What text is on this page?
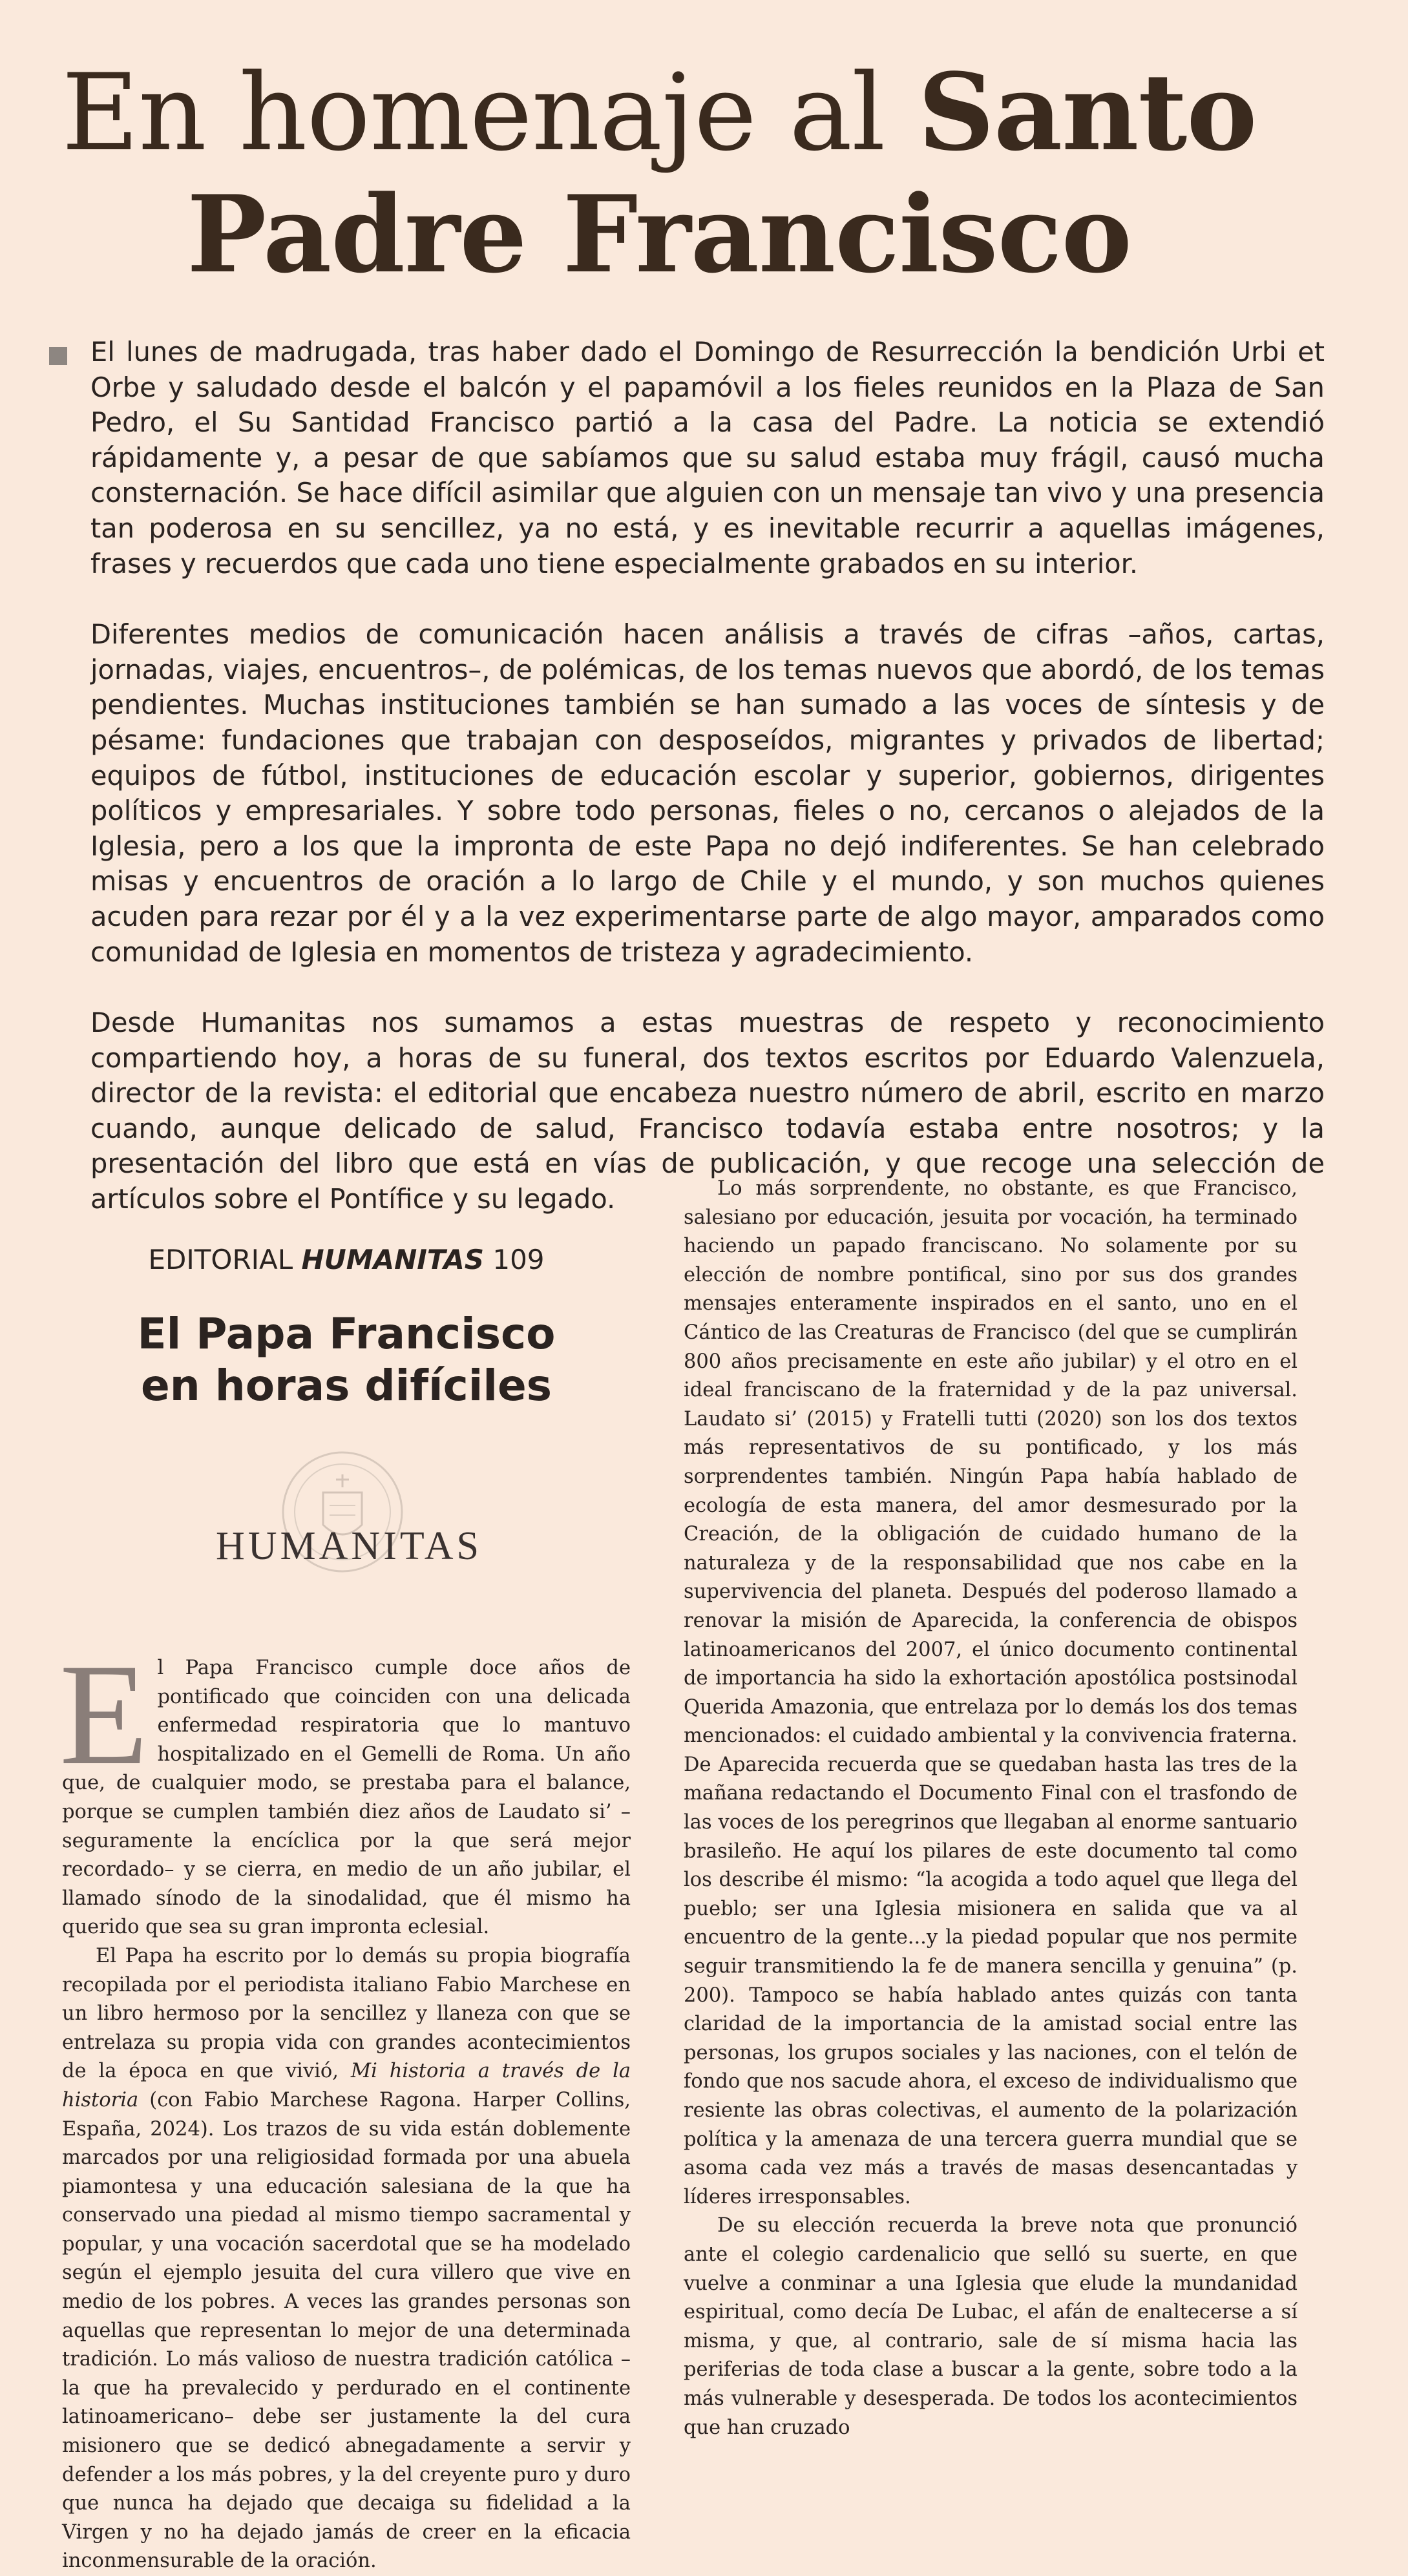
En homenaje al Santo
Padre Francisco

El lunes de madrugada, tras haber dado el Domingo de Resurrección la bendición Urbi et Orbe y saludado desde el balcón y el papamóvil a los fieles reunidos en la Plaza de San Pedro, el Su Santidad Francisco partió a la casa del Padre. La noticia se extendió rápidamente y, a pesar de que sabíamos que su salud estaba muy frágil, causó mucha consternación. Se hace difícil asimilar que alguien con un mensaje tan vivo y una presencia tan poderosa en su sencillez, ya no está, y es inevitable recurrir a aquellas imágenes, frases y recuerdos que cada uno tiene especialmente grabados en su interior.

Diferentes medios de comunicación hacen análisis a través de cifras –años, cartas, jornadas, viajes, encuentros–, de polémicas, de los temas nuevos que abordó, de los temas pendientes. Muchas instituciones también se han sumado a las voces de síntesis y de pésame: fundaciones que trabajan con desposeídos, migrantes y privados de libertad; equipos de fútbol, instituciones de educación escolar y superior, gobiernos, dirigentes políticos y empresariales. Y sobre todo personas, fieles o no, cercanos o alejados de la Iglesia, pero a los que la impronta de este Papa no dejó indiferentes. Se han celebrado misas y encuentros de oración a lo largo de Chile y el mundo, y son muchos quienes acuden para rezar por él y a la vez experimentarse parte de algo mayor, amparados como comunidad de Iglesia en momentos de tristeza y agradecimiento.

Desde Humanitas nos sumamos a estas muestras de respeto y reconocimiento compartiendo hoy, a horas de su funeral, dos textos escritos por Eduardo Valenzuela, director de la revista: el editorial que encabeza nuestro número de abril, escrito en marzo cuando, aunque delicado de salud, Francisco todavía estaba entre nosotros; y la presentación del libro que está en vías de publicación, y que recoge una selección de artículos sobre el Pontífice y su legado.

EDITORIAL HUMANITAS 109
El Papa Francisco
en horas difíciles
HUMANITAS

El Papa Francisco cumple doce años de pontificado que coinciden con una delicada enfermedad respiratoria que lo mantuvo hospitalizado en el Gemelli de Roma. Un año que, de cualquier modo, se prestaba para el balance, porque se cumplen también diez años de Laudato si’ –seguramente la encíclica por la que será mejor recordado– y se cierra, en medio de un año jubilar, el llamado sínodo de la sinodalidad, que él mismo ha querido que sea su gran impronta eclesial.

El Papa ha escrito por lo demás su propia biografía recopilada por el periodista italiano Fabio Marchese en un libro hermoso por la sencillez y llaneza con que se entrelaza su propia vida con grandes acontecimientos de la época en que vivió, Mi historia a través de la historia (con Fabio Marchese Ragona. Harper Collins, España, 2024). Los trazos de su vida están doblemente marcados por una religiosidad formada por una abuela piamontesa y una educación salesiana de la que ha conservado una piedad al mismo tiempo sacramental y popular, y una vocación sacerdotal que se ha modelado según el ejemplo jesuita del cura villero que vive en medio de los pobres. A veces las grandes personas son aquellas que representan lo mejor de una determinada tradición. Lo más valioso de nuestra tradición católica –la que ha prevalecido y perdurado en el continente latinoamericano– debe ser justamente la del cura misionero que se dedicó abnegadamente a servir y defender a los más pobres, y la del creyente puro y duro que nunca ha dejado que decaiga su fidelidad a la Virgen y no ha dejado jamás de creer en la eficacia inconmensurable de la oración.

Lo más sorprendente, no obstante, es que Francisco, salesiano por educación, jesuita por vocación, ha terminado haciendo un papado franciscano. No solamente por su elección de nombre pontifical, sino por sus dos grandes mensajes enteramente inspirados en el santo, uno en el Cántico de las Creaturas de Francisco (del que se cumplirán 800 años precisamente en este año jubilar) y el otro en el ideal franciscano de la fraternidad y de la paz universal. Laudato si’ (2015) y Fratelli tutti (2020) son los dos textos más representativos de su pontificado, y los más sorprendentes también. Ningún Papa había hablado de ecología de esta manera, del amor desmesurado por la Creación, de la obligación de cuidado humano de la naturaleza y de la responsabilidad que nos cabe en la supervivencia del planeta. Después del poderoso llamado a renovar la misión de Aparecida, la conferencia de obispos latinoamericanos del 2007, el único documento continental de importancia ha sido la exhortación apostólica postsinodal Querida Amazonia, que entrelaza por lo demás los dos temas mencionados: el cuidado ambiental y la convivencia fraterna. De Aparecida recuerda que se quedaban hasta las tres de la mañana redactando el Documento Final con el trasfondo de las voces de los peregrinos que llegaban al enorme santuario brasileño. He aquí los pilares de este documento tal como los describe él mismo: “la acogida a todo aquel que llega del pueblo; ser una Iglesia misionera en salida que va al encuentro de la gente...y la piedad popular que nos permite seguir transmitiendo la fe de manera sencilla y genuina” (p. 200). Tampoco se había hablado antes quizás con tanta claridad de la importancia de la amistad social entre las personas, los grupos sociales y las naciones, con el telón de fondo que nos sacude ahora, el exceso de individualismo que resiente las obras colectivas, el aumento de la polarización política y la amenaza de una tercera guerra mundial que se asoma cada vez más a través de masas desencantadas y líderes irresponsables.

De su elección recuerda la breve nota que pronunció ante el colegio cardenalicio que selló su suerte, en que vuelve a conminar a una Iglesia que elude la mundanidad espiritual, como decía De Lubac, el afán de enaltecerse a sí misma, y que, al contrario, sale de sí misma hacia las periferias de toda clase a buscar a la gente, sobre todo a la más vulnerable y desesperada. De todos los acontecimientos que han cruzado
